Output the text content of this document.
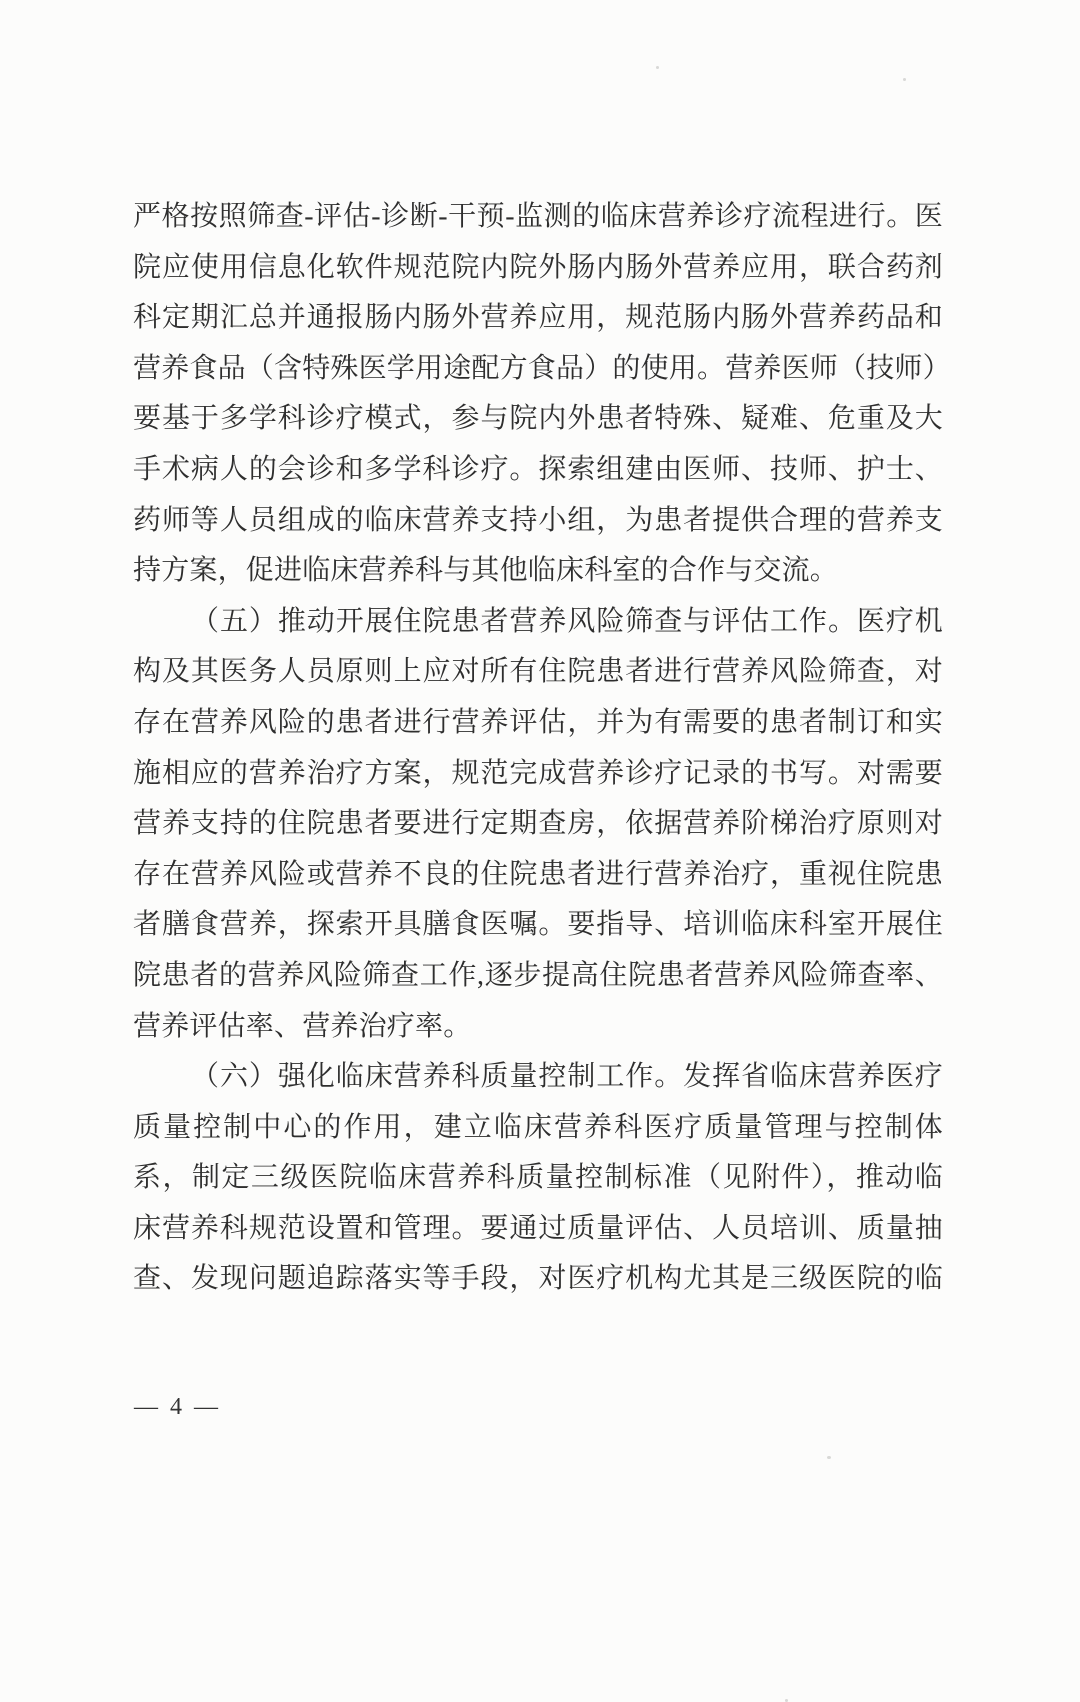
严格按照筛查-评估-诊断-干预-监测的临床营养诊疗流程进行。医
院应使用信息化软件规范院内院外肠内肠外营养应用，联合药剂
科定期汇总并通报肠内肠外营养应用，规范肠内肠外营养药品和
营养食品（含特殊医学用途配方食品）的使用。营养医师（技师）
要基于多学科诊疗模式，参与院内外患者特殊、疑难、危重及大
手术病人的会诊和多学科诊疗。探索组建由医师、技师、护士、
药师等人员组成的临床营养支持小组，为患者提供合理的营养支
持方案，促进临床营养科与其他临床科室的合作与交流。
（五）推动开展住院患者营养风险筛查与评估工作。医疗机
构及其医务人员原则上应对所有住院患者进行营养风险筛查，对
存在营养风险的患者进行营养评估，并为有需要的患者制订和实
施相应的营养治疗方案，规范完成营养诊疗记录的书写。对需要
营养支持的住院患者要进行定期查房，依据营养阶梯治疗原则对
存在营养风险或营养不良的住院患者进行营养治疗，重视住院患
者膳食营养，探索开具膳食医嘱。要指导、培训临床科室开展住
院患者的营养风险筛查工作,逐步提高住院患者营养风险筛查率、
营养评估率、营养治疗率。
（六）强化临床营养科质量控制工作。发挥省临床营养医疗
质量控制中心的作用，建立临床营养科医疗质量管理与控制体
系，制定三级医院临床营养科质量控制标准（见附件），推动临
床营养科规范设置和管理。要通过质量评估、人员培训、质量抽
查、发现问题追踪落实等手段，对医疗机构尤其是三级医院的临
— 4 —
